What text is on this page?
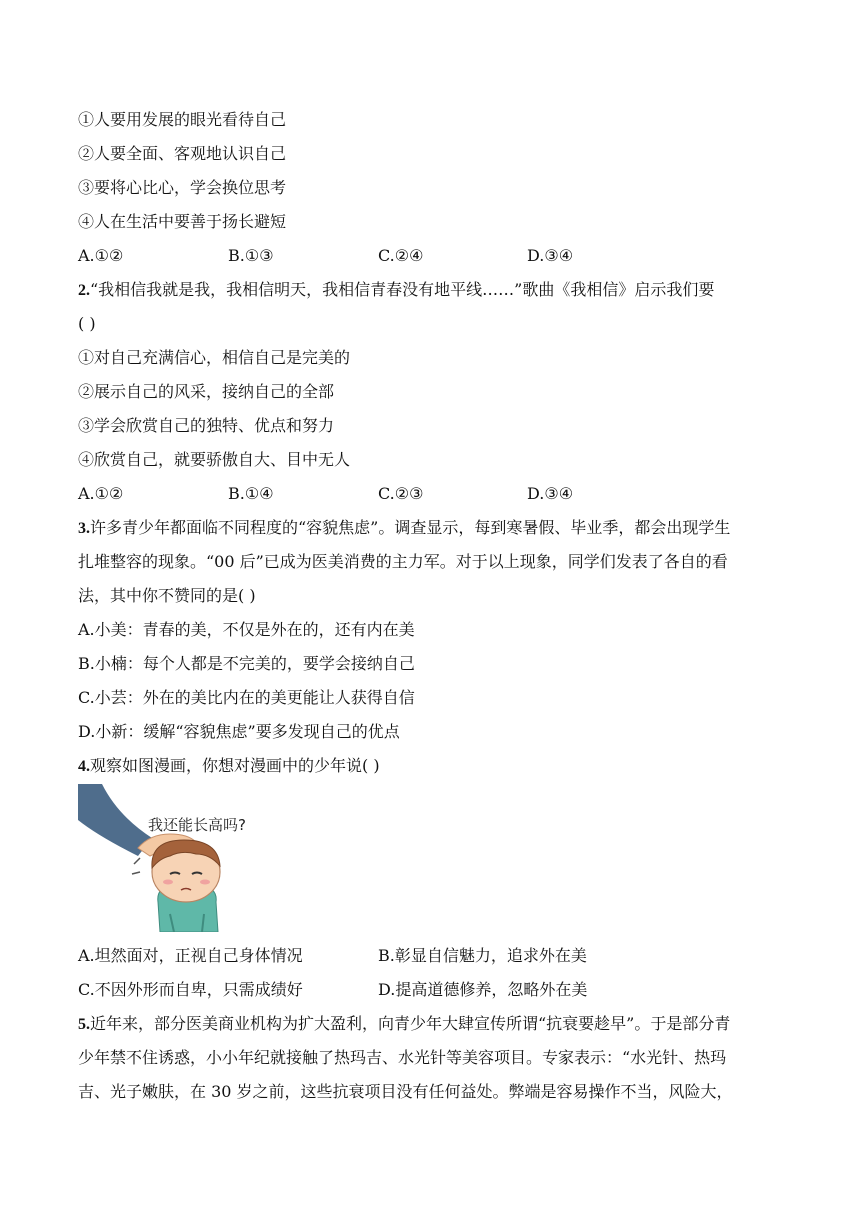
①人要用发展的眼光看待自己
②人要全面、客观地认识自己
③要将心比心，学会换位思考
④人在生活中要善于扬长避短
A.①②	B.①③	C.②④	D.③④
2.“我相信我就是我，我相信明天，我相信青春没有地平线……”歌曲《我相信》启示我们要
( )
①对自己充满信心，相信自己是完美的
②展示自己的风采，接纳自己的全部
③学会欣赏自己的独特、优点和努力
④欣赏自己，就要骄傲自大、目中无人
A.①②	B.①④	C.②③	D.③④
3.许多青少年都面临不同程度的“容貌焦虑”。调查显示，每到寒暑假、毕业季，都会出现学生
扎堆整容的现象。“00 后”已成为医美消费的主力军。对于以上现象，同学们发表了各自的看
法，其中你不赞同的是( )
A.小美：青春的美，不仅是外在的，还有内在美
B.小楠：每个人都是不完美的，要学会接纳自己
C.小芸：外在的美比内在的美更能让人获得自信
D.小新：缓解“容貌焦虑”要多发现自己的优点
4.观察如图漫画，你想对漫画中的少年说( )
我还能长高吗?
A.坦然面对，正视自己身体情况	B.彰显自信魅力，追求外在美
C.不因外形而自卑，只需成绩好	D.提高道德修养，忽略外在美
5.近年来，部分医美商业机构为扩大盈利，向青少年大肆宣传所谓“抗衰要趁早”。于是部分青
少年禁不住诱惑，小小年纪就接触了热玛吉、水光针等美容项目。专家表示：“水光针、热玛
吉、光子嫩肤，在 30 岁之前，这些抗衰项目没有任何益处。弊端是容易操作不当，风险大，
